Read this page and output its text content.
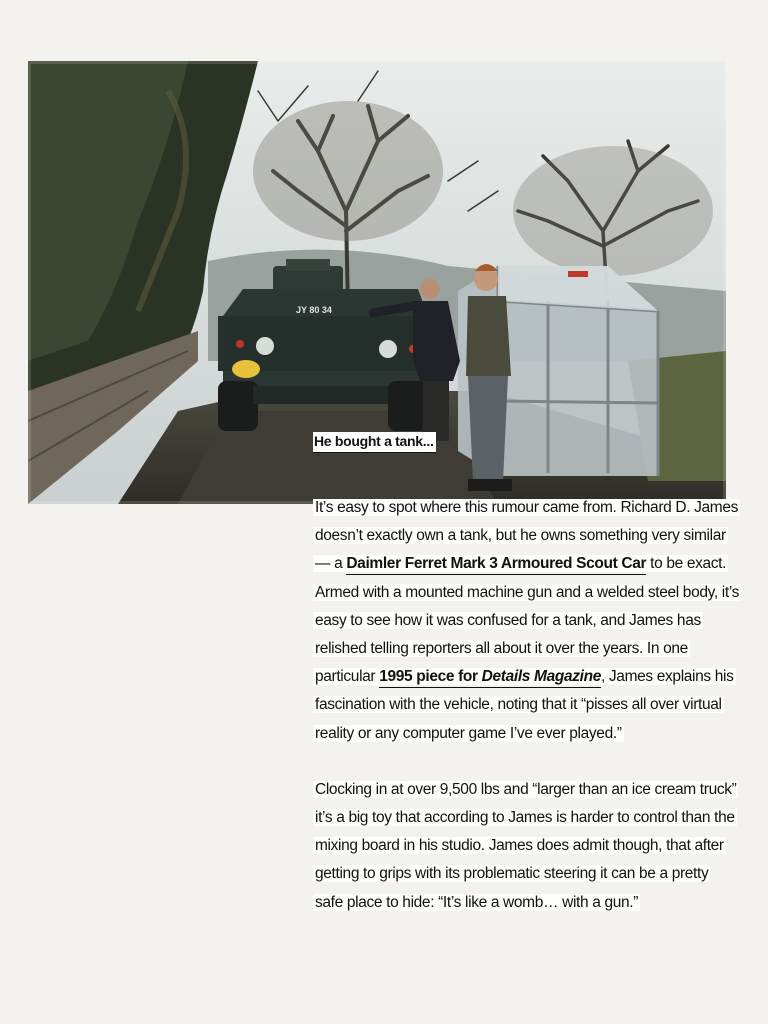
JY 80 34

He bought a tank...

It’s easy to spot where this rumour came from. Richard D. James doesn’t exactly own a tank, but he owns something very similar — a Daimler Ferret Mark 3 Armoured Scout Car to be exact. Armed with a mounted machine gun and a welded steel body, it’s easy to see how it was confused for a tank, and James has relished telling reporters all about it over the years. In one particular 1995 piece for Details Magazine, James explains his fascination with the vehicle, noting that it “pisses all over virtual reality or any computer game I’ve ever played.”

Clocking in at over 9,500 lbs and “larger than an ice cream truck” it’s a big toy that according to James is harder to control than the mixing board in his studio. James does admit though, that after getting to grips with its problematic steering it can be a pretty safe place to hide: “It’s like a womb… with a gun.”
